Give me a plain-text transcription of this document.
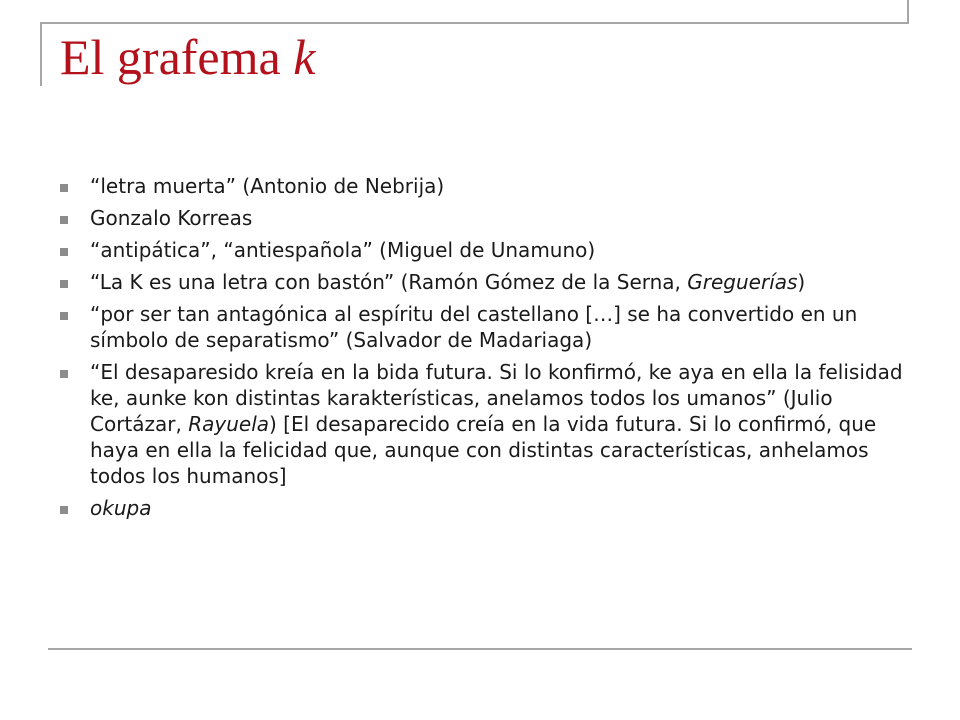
El grafema k
“letra muerta” (Antonio de Nebrija)
Gonzalo Korreas
“antipática”, “antiespañola” (Miguel de Unamuno)
“La K es una letra con bastón” (Ramón Gómez de la Serna, Greguerías)
“por ser tan antagónica al espíritu del castellano […] se ha convertido en un símbolo de separatismo” (Salvador de Madariaga)
“El desaparesido kreía en la bida futura. Si lo konfirmó, ke aya en ella la felisidad ke, aunke kon distintas karakterísticas, anelamos todos los umanos” (Julio Cortázar, Rayuela) [El desaparecido creía en la vida futura. Si lo confirmó, que haya en ella la felicidad que, aunque con distintas características, anhelamos todos los humanos]
okupa
